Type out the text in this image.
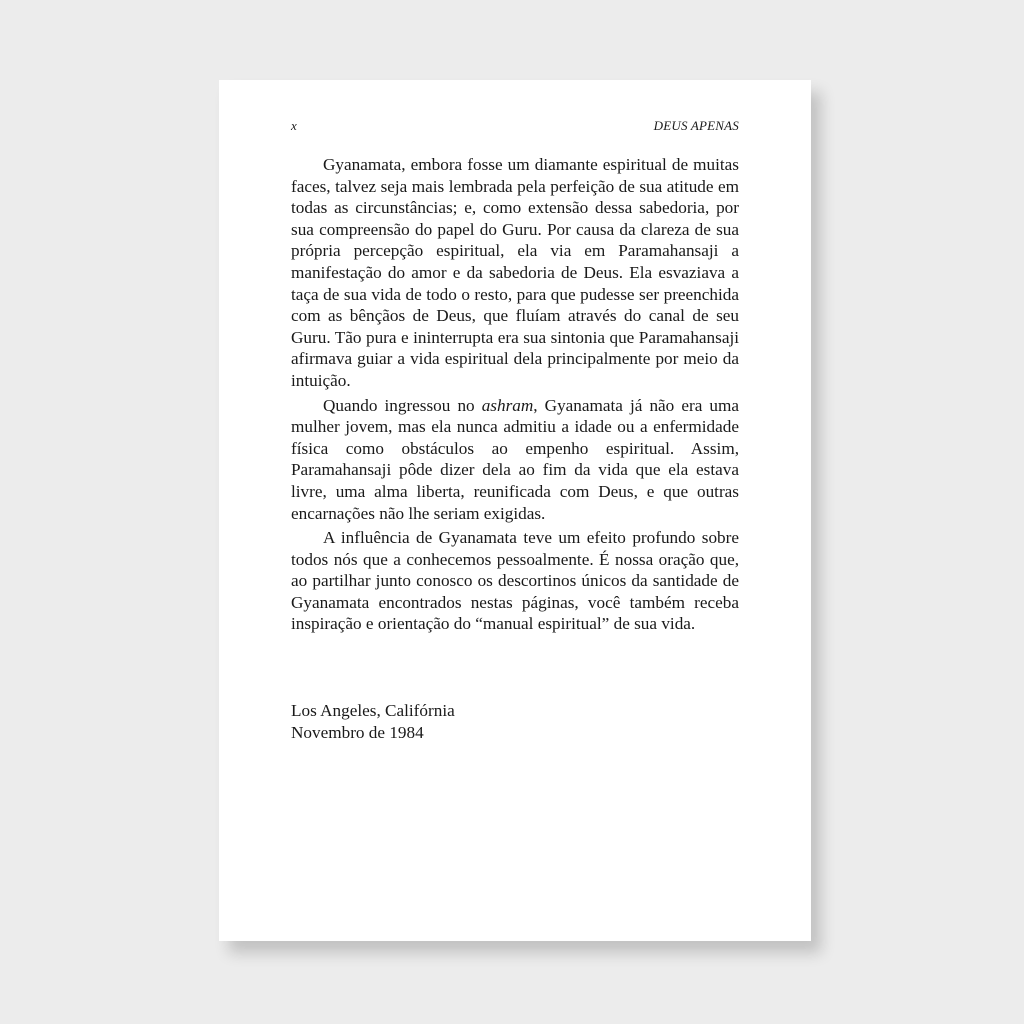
x	DEUS APENAS

Gyanamata, embora fosse um diamante espiritual de muitas faces, talvez seja mais lembrada pela perfeição de sua atitude em todas as circunstâncias; e, como extensão dessa sabedoria, por sua compreensão do papel do Guru. Por causa da clareza de sua própria percepção espiritual, ela via em Paramahansaji a manifestação do amor e da sabedoria de Deus. Ela esvaziava a taça de sua vida de todo o resto, para que pudesse ser preenchida com as bênçãos de Deus, que fluíam através do canal de seu Guru. Tão pura e ininterrupta era sua sintonia que Paramahansaji afirmava guiar a vida espiritual dela principalmente por meio da intuição.

Quando ingressou no ashram, Gyanamata já não era uma mulher jovem, mas ela nunca admitiu a idade ou a enfermidade física como obstáculos ao empenho espiritual. Assim, Paramahansaji pôde dizer dela ao fim da vida que ela estava livre, uma alma liberta, reunificada com Deus, e que outras encarnações não lhe seriam exigidas.

A influência de Gyanamata teve um efeito profundo sobre todos nós que a conhecemos pessoalmente. É nossa oração que, ao partilhar junto conosco os descortinos únicos da santidade de Gyanamata encontrados nestas páginas, você também receba inspiração e orientação do “manual espiritual” de sua vida.

Los Angeles, Califórnia
Novembro de 1984
